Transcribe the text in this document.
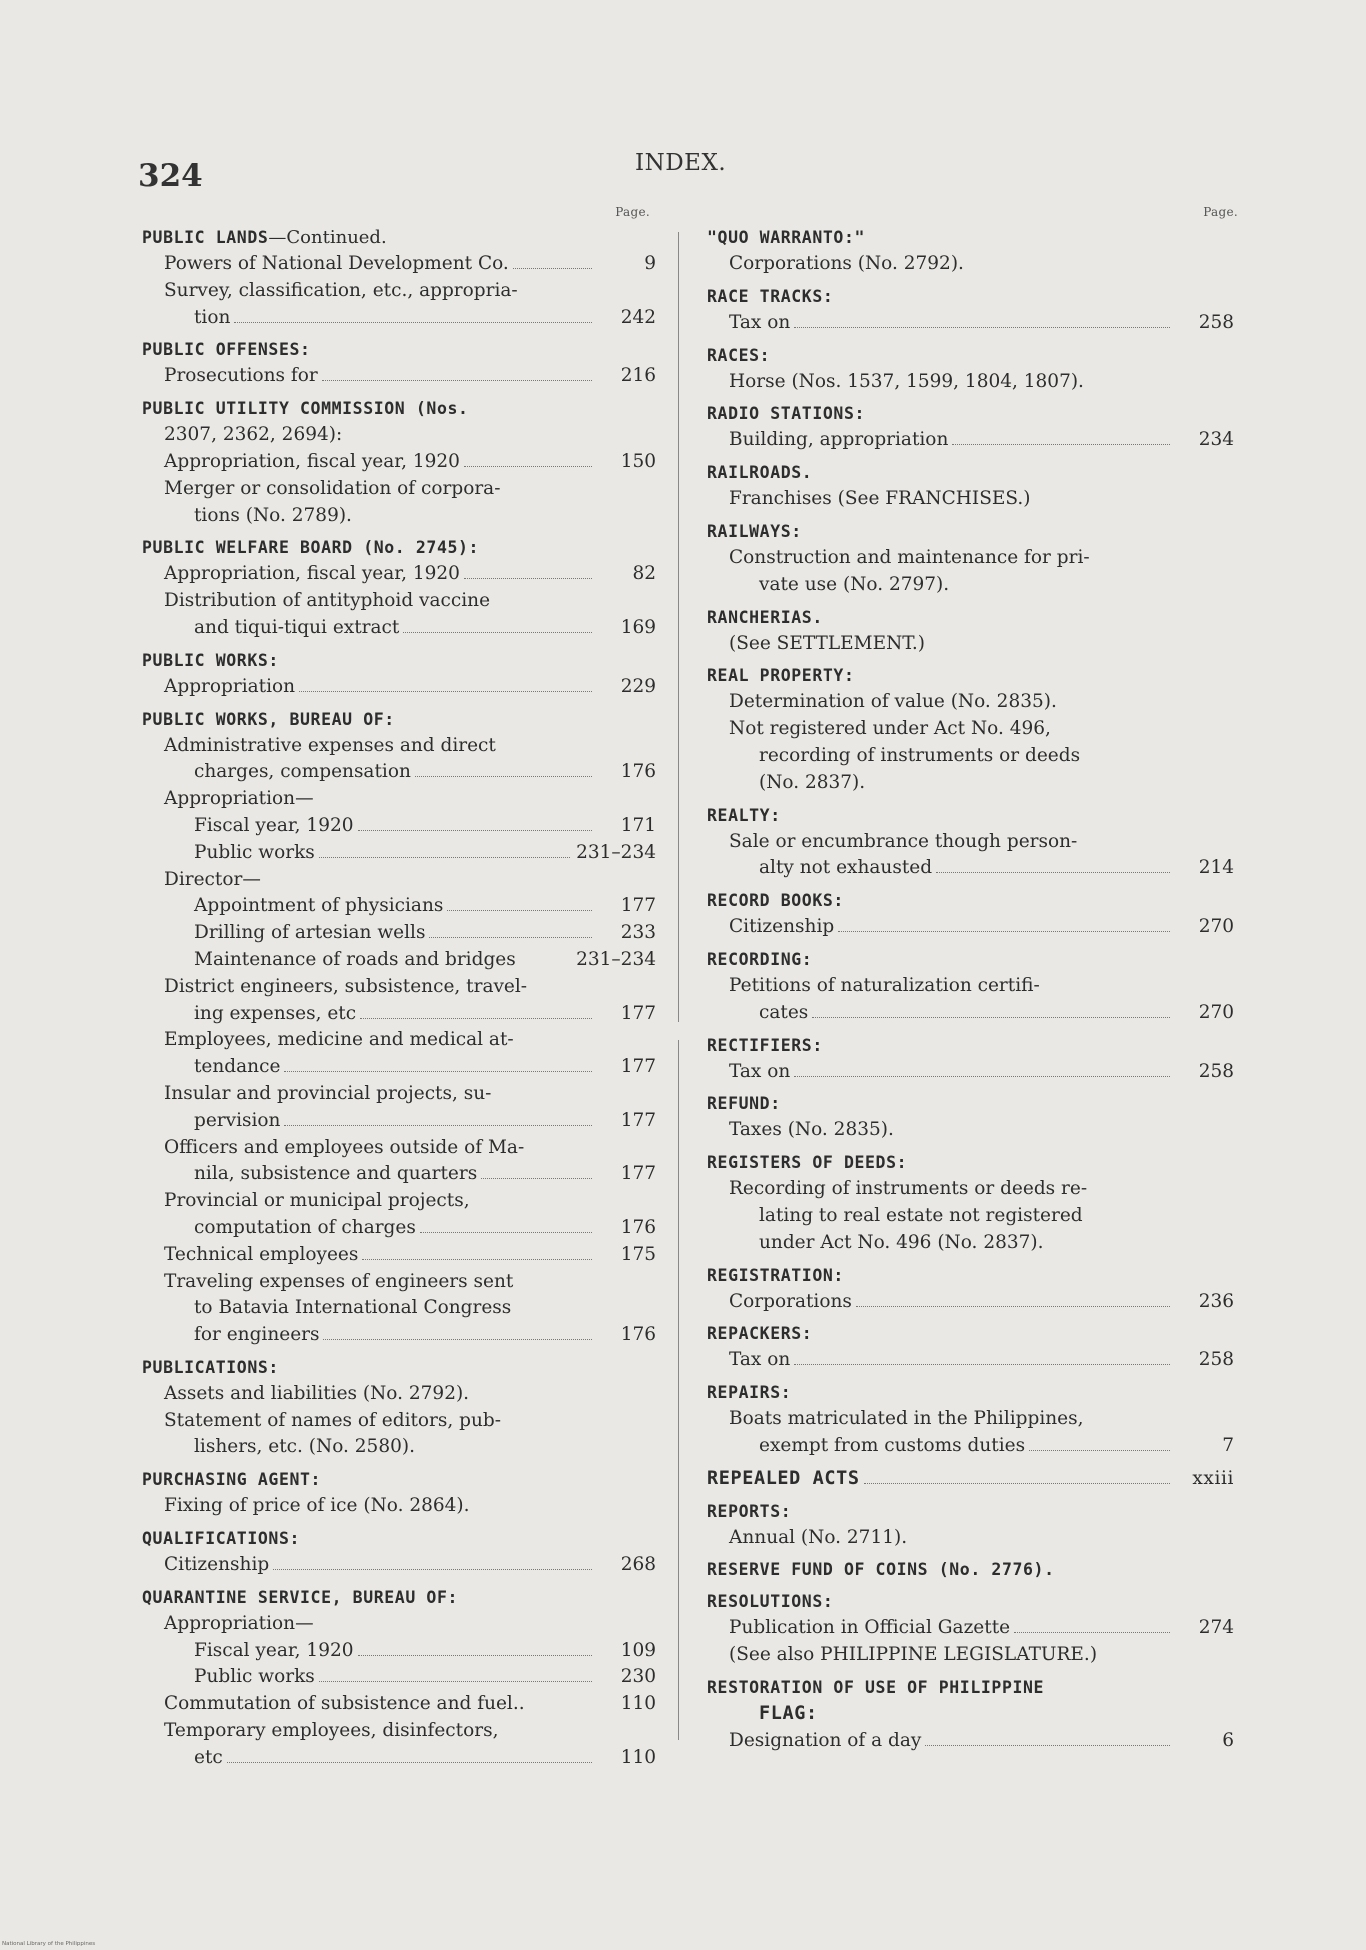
324	INDEX.
Page.
PUBLIC LANDS—Continued.
Powers of National Development Co.	9
Survey, classification, etc., appropria-
tion	242
PUBLIC OFFENSES:
Prosecutions for	216
PUBLIC UTILITY COMMISSION (Nos.
2307, 2362, 2694):
Appropriation, fiscal year, 1920	150
Merger or consolidation of corpora-
tions (No. 2789).
PUBLIC WELFARE BOARD (No. 2745):
Appropriation, fiscal year, 1920	82
Distribution of antityphoid vaccine
and tiqui-tiqui extract	169
PUBLIC WORKS:
Appropriation	229
PUBLIC WORKS, BUREAU OF:
Administrative expenses and direct
charges, compensation	176
Appropriation—
Fiscal year, 1920	171
Public works	231–234
Director—
Appointment of physicians	177
Drilling of artesian wells	233
Maintenance of roads and bridges	231–234
District engineers, subsistence, travel-
ing expenses, etc	177
Employees, medicine and medical at-
tendance	177
Insular and provincial projects, su-
pervision	177
Officers and employees outside of Ma-
nila, subsistence and quarters	177
Provincial or municipal projects,
computation of charges	176
Technical employees	175
Traveling expenses of engineers sent
to Batavia International Congress
for engineers	176
PUBLICATIONS:
Assets and liabilities (No. 2792).
Statement of names of editors, pub-
lishers, etc. (No. 2580).
PURCHASING AGENT:
Fixing of price of ice (No. 2864).
QUALIFICATIONS:
Citizenship	268
QUARANTINE SERVICE, BUREAU OF:
Appropriation—
Fiscal year, 1920	109
Public works	230
Commutation of subsistence and fuel..	110
Temporary employees, disinfectors,
etc	110
Page.
"QUO WARRANTO:"
Corporations (No. 2792).
RACE TRACKS:
Tax on	258
RACES:
Horse (Nos. 1537, 1599, 1804, 1807).
RADIO STATIONS:
Building, appropriation	234
RAILROADS.
Franchises (See FRANCHISES.)
RAILWAYS:
Construction and maintenance for pri-
vate use (No. 2797).
RANCHERIAS.
(See SETTLEMENT.)
REAL PROPERTY:
Determination of value (No. 2835).
Not registered under Act No. 496,
recording of instruments or deeds
(No. 2837).
REALTY:
Sale or encumbrance though person-
alty not exhausted	214
RECORD BOOKS:
Citizenship	270
RECORDING:
Petitions of naturalization certifi-
cates	270
RECTIFIERS:
Tax on	258
REFUND:
Taxes (No. 2835).
REGISTERS OF DEEDS:
Recording of instruments or deeds re-
lating to real estate not registered
under Act No. 496 (No. 2837).
REGISTRATION:
Corporations	236
REPACKERS:
Tax on	258
REPAIRS:
Boats matriculated in the Philippines,
exempt from customs duties	7
REPEALED ACTS	xxiii
REPORTS:
Annual (No. 2711).
RESERVE FUND OF COINS (No. 2776).
RESOLUTIONS:
Publication in Official Gazette	274
(See also PHILIPPINE LEGISLATURE.)
RESTORATION OF USE OF PHILIPPINE
FLAG:
Designation of a day	6
National Library of the Philippines
